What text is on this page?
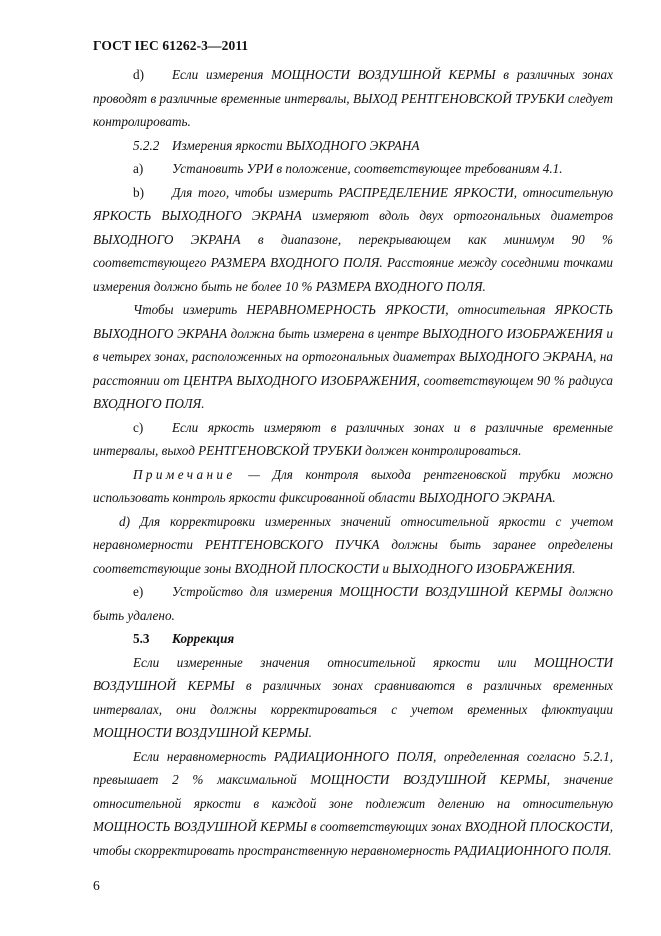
ГОСТ IEC 61262-3—2011

d) Если измерения МОЩНОСТИ ВОЗДУШНОЙ КЕРМЫ в различных зонах проводят в различные временные интервалы, ВЫХОД РЕНТГЕНОВСКОЙ ТРУБКИ следует контролировать.

5.2.2 Измерения яркости ВЫХОДНОГО ЭКРАНА

a) Установить УРИ в положение, соответствующее требованиям 4.1.

b) Для того, чтобы измерить РАСПРЕДЕЛЕНИЕ ЯРКОСТИ, относительную ЯРКОСТЬ ВЫХОДНОГО ЭКРАНА измеряют вдоль двух ортогональных диаметров ВЫХОДНОГО ЭКРАНА в диапазоне, перекрывающем как минимум 90 % соответствующего РАЗМЕРА ВХОДНОГО ПОЛЯ. Расстояние между соседними точками измерения должно быть не более 10 % РАЗМЕРА ВХОДНОГО ПОЛЯ.

Чтобы измерить НЕРАВНОМЕРНОСТЬ ЯРКОСТИ, относительная ЯРКОСТЬ ВЫХОДНОГО ЭКРАНА должна быть измерена в центре ВЫХОДНОГО ИЗОБРАЖЕНИЯ и в четырех зонах, расположенных на ортогональных диаметрах ВЫХОДНОГО ЭКРАНА, на расстоянии от ЦЕНТРА ВЫХОДНОГО ИЗОБРАЖЕНИЯ, соответствующем 90 % радиуса ВХОДНОГО ПОЛЯ.

c) Если яркость измеряют в различных зонах и в различные временные интервалы, выход РЕНТГЕНОВСКОЙ ТРУБКИ должен контролироваться.

Примечание — Для контроля выхода рентгеновской трубки можно использовать контроль яркости фиксированной области ВЫХОДНОГО ЭКРАНА.

d) Для корректировки измеренных значений относительной яркости с учетом неравномерности РЕНТГЕНОВСКОГО ПУЧКА должны быть заранее определены соответствующие зоны ВХОДНОЙ ПЛОСКОСТИ и ВЫХОДНОГО ИЗОБРАЖЕНИЯ.

e) Устройство для измерения МОЩНОСТИ ВОЗДУШНОЙ КЕРМЫ должно быть удалено.

5.3 Коррекция

Если измеренные значения относительной яркости или МОЩНОСТИ ВОЗДУШНОЙ КЕРМЫ в различных зонах сравниваются в различных временных интервалах, они должны корректироваться с учетом временных флюктуации МОЩНОСТИ ВОЗДУШНОЙ КЕРМЫ.

Если неравномерность РАДИАЦИОННОГО ПОЛЯ, определенная согласно 5.2.1, превышает 2 % максимальной МОЩНОСТИ ВОЗДУШНОЙ КЕРМЫ, значение относительной яркости в каждой зоне подлежит делению на относительную МОЩНОСТЬ ВОЗДУШНОЙ КЕРМЫ в соответствующих зонах ВХОДНОЙ ПЛОСКОСТИ, чтобы скорректировать пространственную неравномерность РАДИАЦИОННОГО ПОЛЯ.

6
